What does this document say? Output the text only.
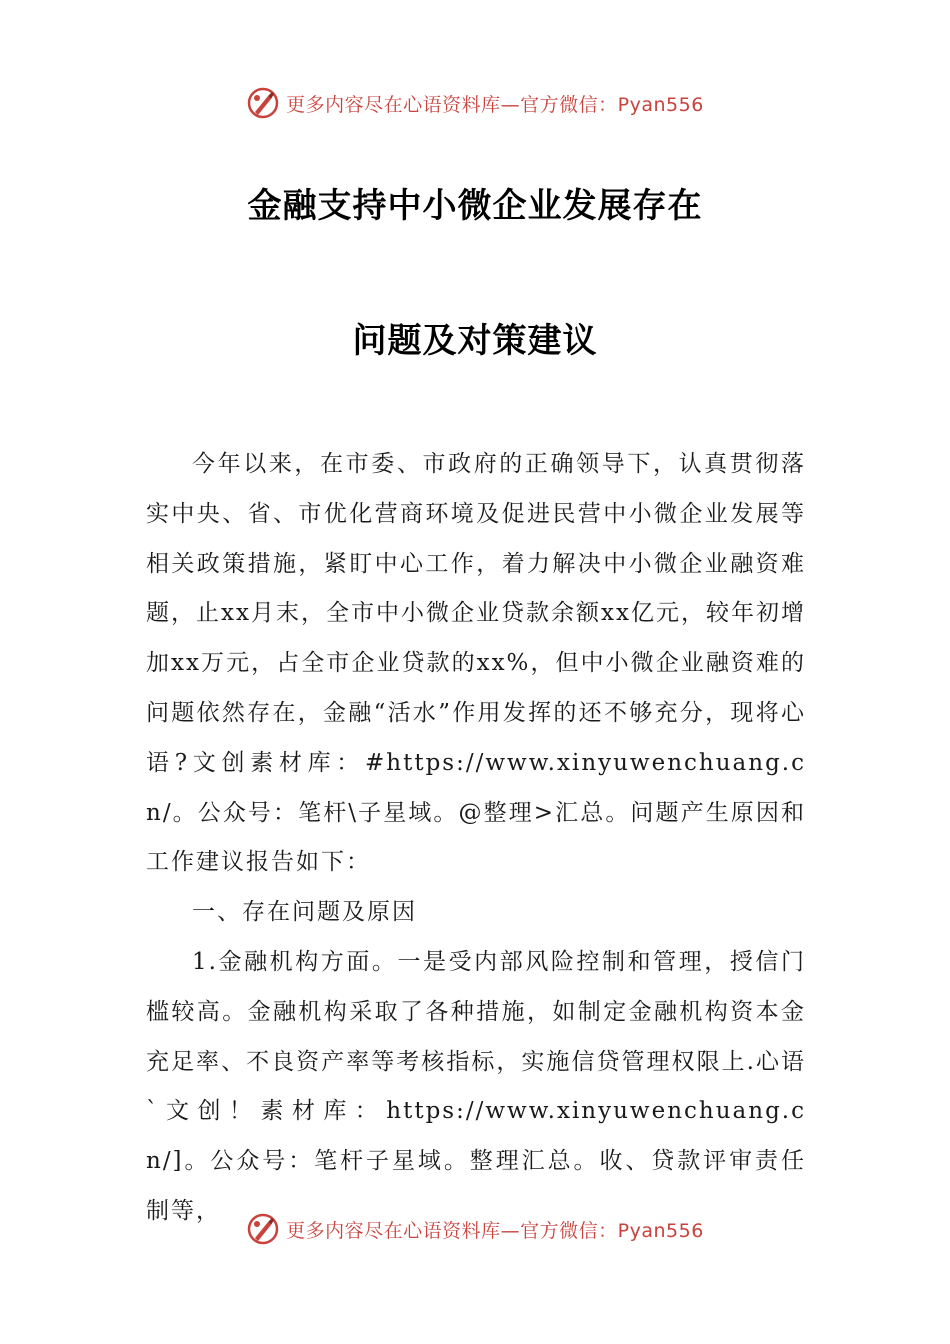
更多内容尽在心语资料库—官方微信：Pyan556
金融支持中小微企业发展存在
问题及对策建议

今年以来，在市委、市政府的正确领导下，认真贯彻落实中央、省、市优化营商环境及促进民营中小微企业发展等相关政策措施，紧盯中心工作，着力解决中小微企业融资难题，止xx月末，全市中小微企业贷款余额xx亿元，较年初增加xx万元，占全市企业贷款的xx%，但中小微企业融资难的问题依然存在，金融“活水”作用发挥的还不够充分，现将心语?文创素材库：#https://www.xinyuwenchuang.cn/。公众号：笔杆\子星域。@整理>汇总。问题产生原因和工作建议报告如下：

一、存在问题及原因

1.金融机构方面。一是受内部风险控制和管理，授信门槛较高。金融机构采取了各种措施，如制定金融机构资本金充足率、不良资产率等考核指标，实施信贷管理权限上.心语`文创！素材库：https://www.xinyuwenchuang.cn/]。公众号：笔杆子星域。整理汇总。收、贷款评审责任制等，

更多内容尽在心语资料库—官方微信：Pyan556
